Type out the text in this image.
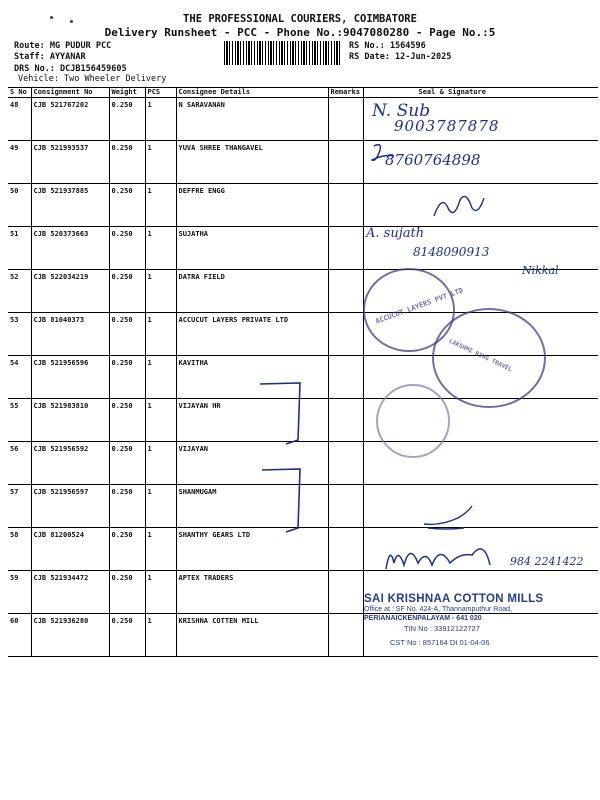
THE PROFESSIONAL COURIERS, COIMBATORE
Delivery Runsheet - PCC - Phone No.:9047080280 - Page No.:5
Route: MG PUDUR PCC
Staff: AYYANAR
DRS No.: DCJB156459605
Vehicle: Two Wheeler Delivery
RS No.: 1564596
RS Date: 12-Jun-2025
S No	Consignment No	Weight	PCS	Consignee Details	Remarks	Seal & Signature
48	CJB 521767202	0.250	1	N SARAVANAN		
49	CJB 521993537	0.250	1	YUVA SHREE THANGAVEL		
50	CJB 521937885	0.250	1	DEFFRE ENGG		
51	CJB 520373663	0.250	1	SUJATHA		
52	CJB 522034219	0.250	1	DATRA FIELD		
53	CJB 81040373	0.250	1	ACCUCUT LAYERS PRIVATE LTD		
54	CJB 521956596	0.250	1	KAVITHA		
55	CJB 521983810	0.250	1	VIJAYAN HR		
56	CJB 521956592	0.250	1	VIJAYAN		
57	CJB 521956597	0.250	1	SHANMUGAM		
58	CJB 81200524	0.250	1	SHANTHY GEARS LTD		
59	CJB 521934472	0.250	1	APTEX TRADERS		
60	CJB 521936280	0.250	1	KRISHNA COTTEN MILL		
N. Sub
9003787878
8760764898
A. sujath
8148090913
Nikkal
984 2241422
ACCUCUT LAYERS PVT LTD
LAKSHMI RING TRAVEL
SAI KRISHNAA COTTON MILLS
Office at : SF No. 424-A, Thannamputhur Road,
PERIANAICKENPALAYAM - 641 020
TIN No : 33912122727
CST No : 857164 Dt 01-04-06
